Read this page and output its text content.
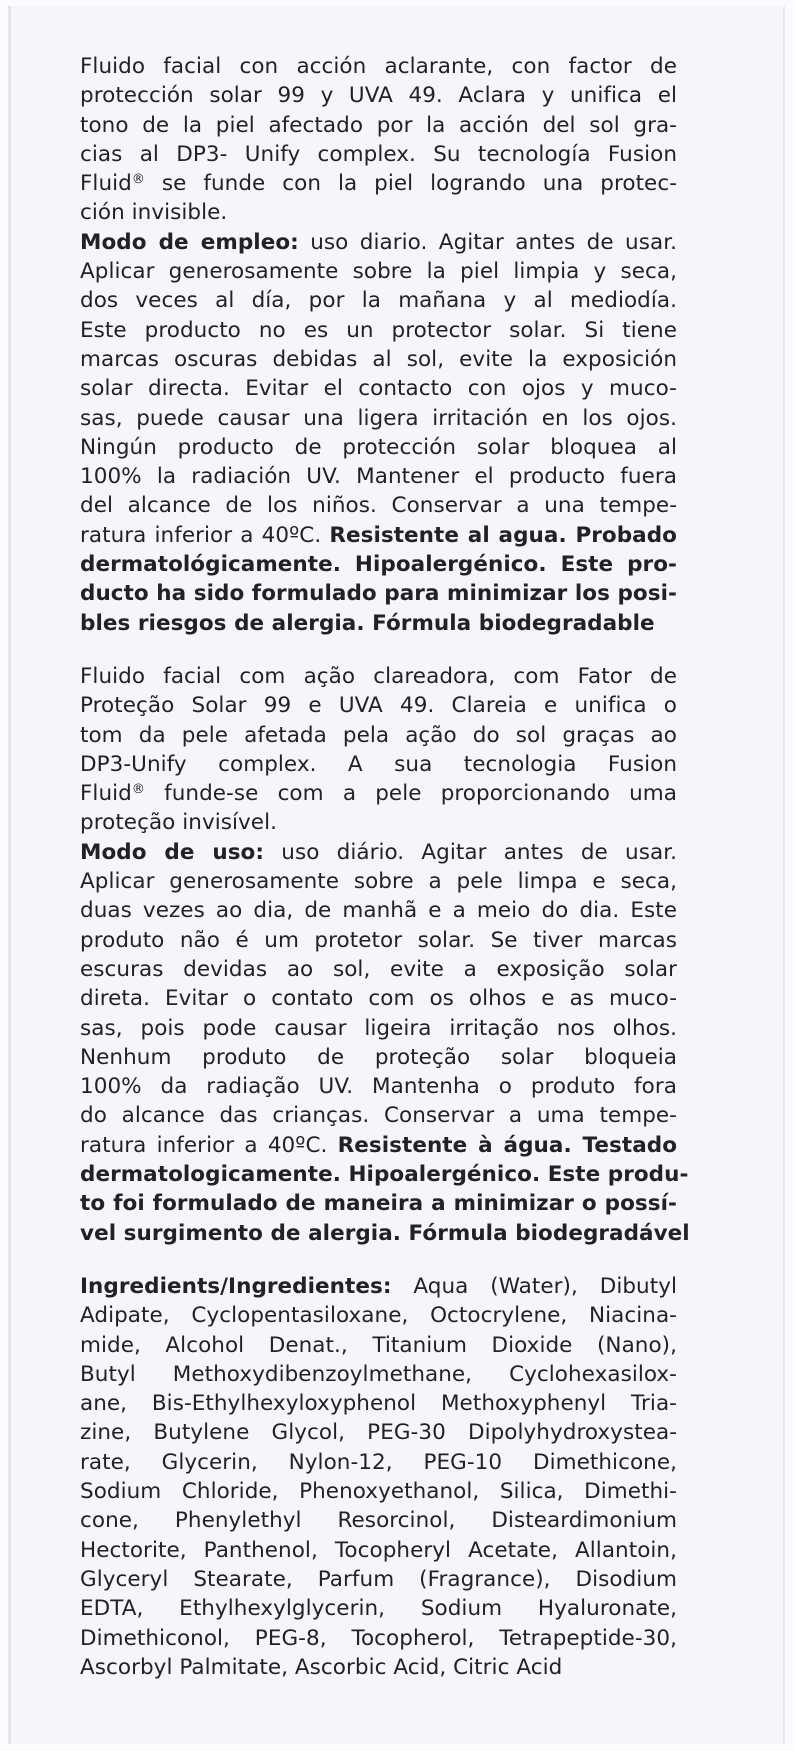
Fluido facial con acción aclarante, con factor de
protección solar 99 y UVA 49. Aclara y unifica el
tono de la piel afectado por la acción del sol gra-
cias al DP3- Unify complex. Su tecnología Fusion
Fluid® se funde con la piel logrando una protec-
ción invisible.

Modo de empleo: uso diario. Agitar antes de usar.
Aplicar generosamente sobre la piel limpia y seca,
dos veces al día, por la mañana y al mediodía.
Este producto no es un protector solar. Si tiene
marcas oscuras debidas al sol, evite la exposición
solar directa. Evitar el contacto con ojos y muco-
sas, puede causar una ligera irritación en los ojos.
Ningún producto de protección solar bloquea al
100% la radiación UV. Mantener el producto fuera
del alcance de los niños. Conservar a una tempe-
ratura inferior a 40ºC. Resistente al agua. Probado
dermatológicamente. Hipoalergénico. Este pro-
ducto ha sido formulado para minimizar los posi-
bles riesgos de alergia. Fórmula biodegradable

Fluido facial com ação clareadora, com Fator de
Proteção Solar 99 e UVA 49. Clareia e unifica o
tom da pele afetada pela ação do sol graças ao
DP3-Unify complex. A sua tecnologia Fusion
Fluid® funde-se com a pele proporcionando uma
proteção invisível.

Modo de uso: uso diário. Agitar antes de usar.
Aplicar generosamente sobre a pele limpa e seca,
duas vezes ao dia, de manhã e a meio do dia. Este
produto não é um protetor solar. Se tiver marcas
escuras devidas ao sol, evite a exposição solar
direta. Evitar o contato com os olhos e as muco-
sas, pois pode causar ligeira irritação nos olhos.
Nenhum produto de proteção solar bloqueia
100% da radiação UV. Mantenha o produto fora
do alcance das crianças. Conservar a uma tempe-
ratura inferior a 40ºC. Resistente à água. Testado
dermatologicamente. Hipoalergénico. Este produ-
to foi formulado de maneira a minimizar o possí-
vel surgimento de alergia. Fórmula biodegradável

Ingredients/Ingredientes: Aqua (Water), Dibutyl
Adipate, Cyclopentasiloxane, Octocrylene, Niacina-
mide, Alcohol Denat., Titanium Dioxide (Nano),
Butyl Methoxydibenzoylmethane, Cyclohexasilox-
ane, Bis-Ethylhexyloxyphenol Methoxyphenyl Tria-
zine, Butylene Glycol, PEG-30 Dipolyhydroxystea-
rate, Glycerin, Nylon-12, PEG-10 Dimethicone,
Sodium Chloride, Phenoxyethanol, Silica, Dimethi-
cone, Phenylethyl Resorcinol, Disteardimonium
Hectorite, Panthenol, Tocopheryl Acetate, Allantoin,
Glyceryl Stearate, Parfum (Fragrance), Disodium
EDTA, Ethylhexylglycerin, Sodium Hyaluronate,
Dimethiconol, PEG-8, Tocopherol, Tetrapeptide-30,
Ascorbyl Palmitate, Ascorbic Acid, Citric Acid
